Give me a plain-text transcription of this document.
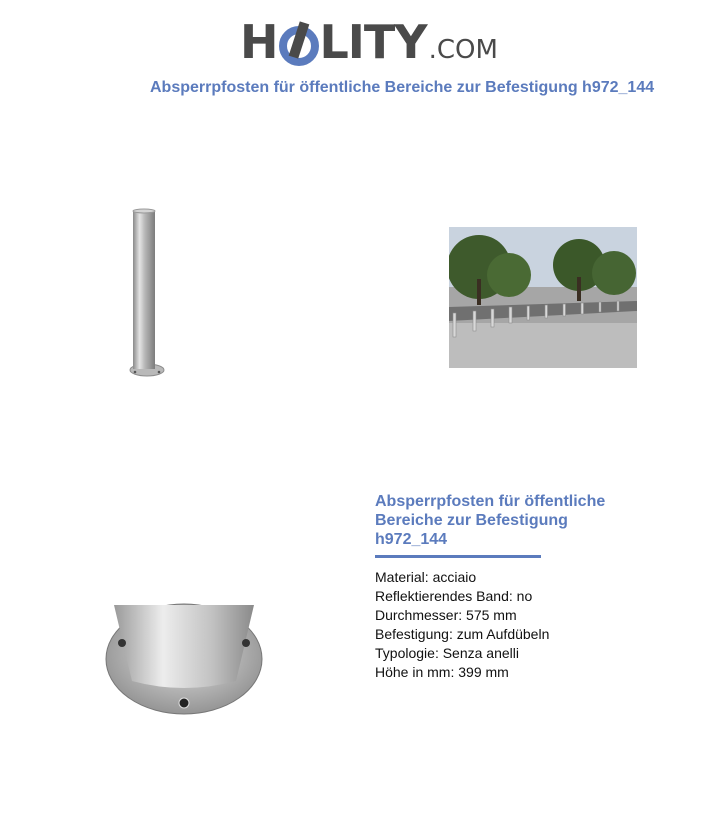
H LITY .COM
Absperrpfosten für öffentliche Bereiche zur Befestigung h972_144
Absperrpfosten für öffentliche Bereiche zur Befestigung h972_144
Material: acciaio
Reflektierendes Band: no
Durchmesser: 575 mm
Befestigung: zum Aufdübeln
Typologie: Senza anelli
Höhe in mm: 399 mm
